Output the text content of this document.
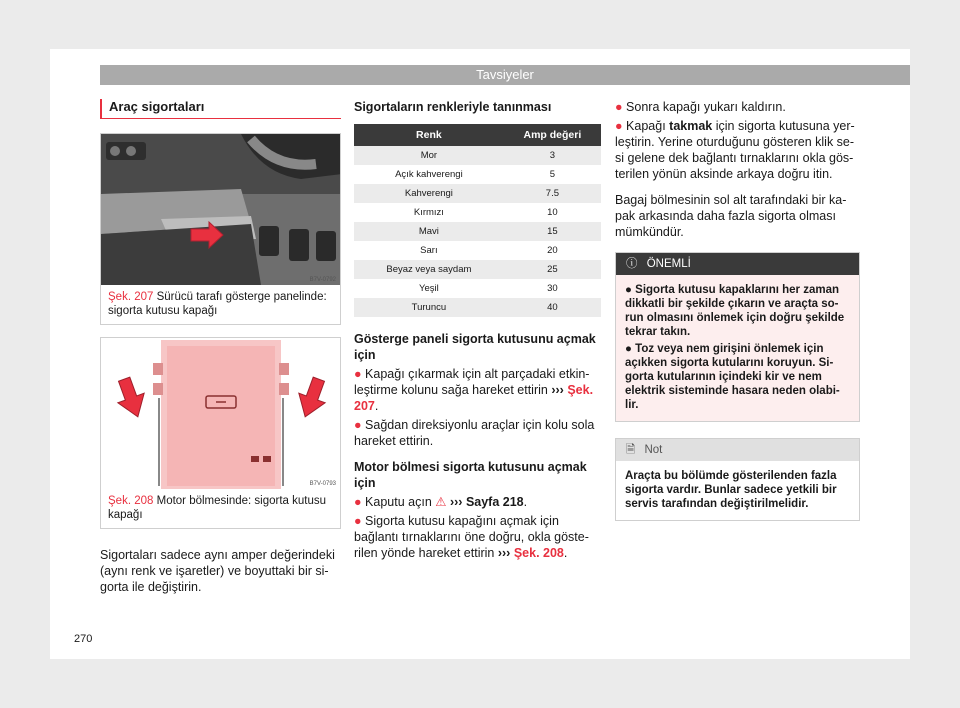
Tavsiyeler
Araç sigortaları
B7V-0792
Şek. 207 Sürücü tarafı gösterge panelinde: sigorta kutusu kapağı
B7V-0793
Şek. 208 Motor bölmesinde: sigorta kutusu kapağı

Sigortaları sadece aynı amper değerindeki (aynı renk ve işaretler) ve boyuttaki bir si-gorta ile değiştirin.

Sigortaların renkleriyle tanınması
Renk	Amp değeri
Mor	3
Açık kahverengi	5
Kahverengi	7.5
Kırmızı	10
Mavi	15
Sarı	20
Beyaz veya saydam	25
Yeşil	30
Turuncu	40
Gösterge paneli sigorta kutusunu açmak için
● Kapağı çıkarmak için alt parçadaki etkin-leştirme kolunu sağa hareket ettirin ››› Şek. 207.
● Sağdan direksiyonlu araçlar için kolu sola hareket ettirin.
Motor bölmesi sigorta kutusunu açmak için
● Kaputu açın ⚠ ››› Sayfa 218.
● Sigorta kutusu kapağını açmak için bağlantı tırnaklarını öne doğru, okla göste-rilen yönde hareket ettirin ››› Şek. 208.
● Sonra kapağı yukarı kaldırın.
● Kapağı takmak için sigorta kutusuna yer-leştirin. Yerine oturduğunu gösteren klik se-si gelene dek bağlantı tırnaklarını okla gös-terilen yönün aksinde arkaya doğru itin.

Bagaj bölmesinin sol alt tarafındaki bir ka-pak arkasında daha fazla sigorta olması mümkündür.

ⓘ ÖNEMLİ
● Sigorta kutusu kapaklarını her zaman dikkatli bir şekilde çıkarın ve araçta so-run olmasını önlemek için doğru şekilde tekrar takın.
● Toz veya nem girişini önlemek için açıkken sigorta kutularını koruyun. Si-gorta kutularının içindeki kir ve nem elektrik sisteminde hasara neden olabi-lir.
🗎 Not
Araçta bu bölümde gösterilenden fazla sigorta vardır. Bunlar sadece yetkili bir servis tarafından değiştirilmelidir.
270
